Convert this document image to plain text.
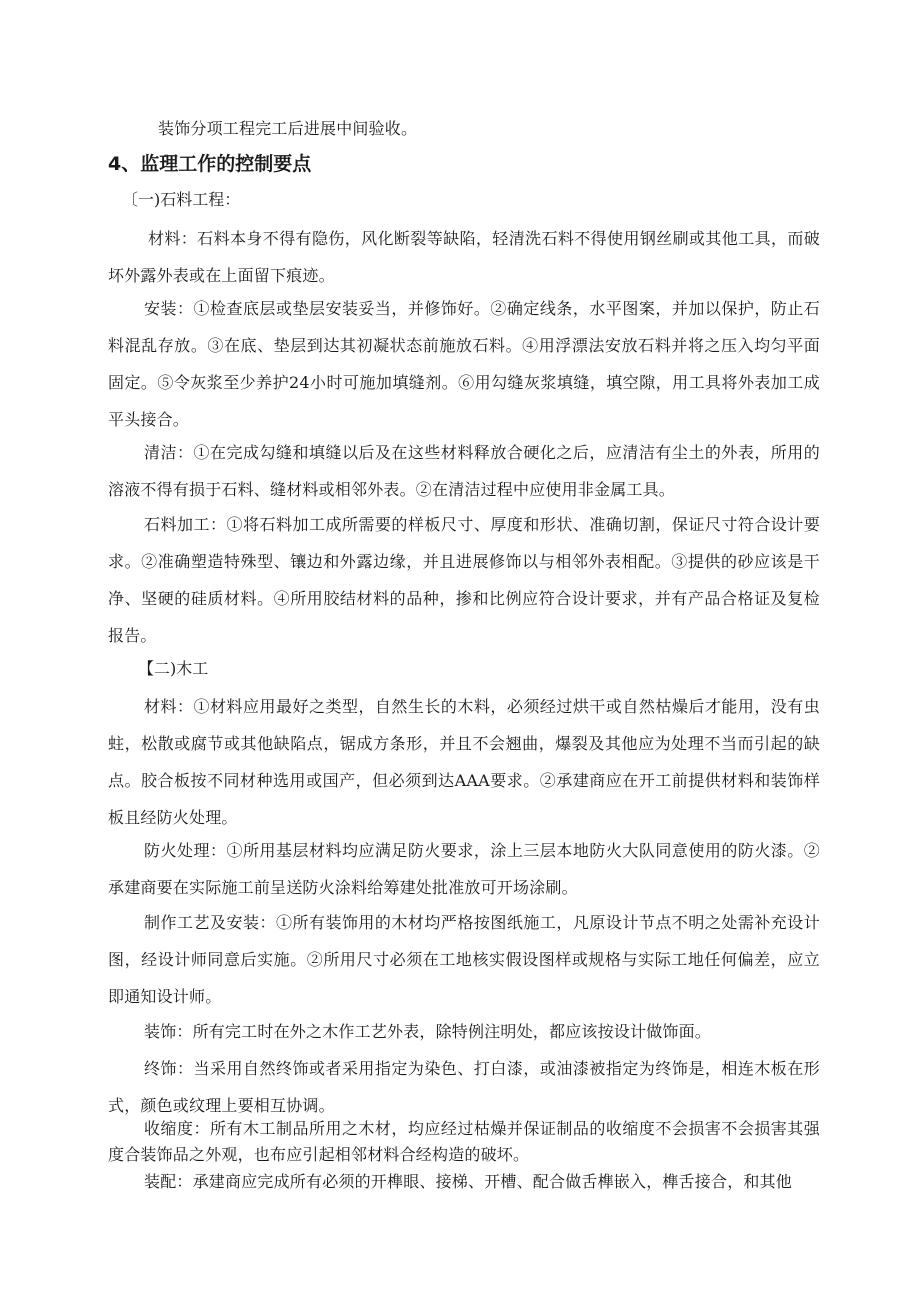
装饰分项工程完工后进展中间验收。

4、监理工作的控制要点

〔一)石料工程：

材料：石料本身不得有隐伤，风化断裂等缺陷，轻清洗石料不得使用钢丝刷或其他工具，而破坏外露外表或在上面留下痕迹。

安装：①检查底层或垫层安装妥当，并修饰好。②确定线条，水平图案，并加以保护，防止石料混乱存放。③在底、垫层到达其初凝状态前施放石料。④用浮漂法安放石料并将之压入均匀平面固定。⑤令灰浆至少养护24小时可施加填缝剂。⑥用勾缝灰浆填缝，填空隙，用工具将外表加工成平头接合。

清洁：①在完成勾缝和填缝以后及在这些材料释放合硬化之后，应清洁有尘土的外表，所用的溶液不得有损于石料、缝材料或相邻外表。②在清洁过程中应使用非金属工具。

石料加工：①将石料加工成所需要的样板尺寸、厚度和形状、准确切割，保证尺寸符合设计要求。②准确塑造特殊型、镶边和外露边缘，并且进展修饰以与相邻外表相配。③提供的砂应该是干净、坚硬的硅质材料。④所用胶结材料的品种，掺和比例应符合设计要求，并有产品合格证及复检报告。

【二)木工

材料：①材料应用最好之类型，自然生长的木料，必须经过烘干或自然枯燥后才能用，没有虫蛀，松散或腐节或其他缺陷点，锯成方条形，并且不会翘曲，爆裂及其他应为处理不当而引起的缺点。胶合板按不同材种选用或国产，但必须到达AAA要求。②承建商应在开工前提供材料和装饰样板且经防火处理。

防火处理：①所用基层材料均应满足防火要求，涂上三层本地防火大队同意使用的防火漆。②承建商要在实际施工前呈送防火涂料给筹建处批准放可开场涂刷。

制作工艺及安装：①所有装饰用的木材均严格按图纸施工，凡原设计节点不明之处需补充设计图，经设计师同意后实施。②所用尺寸必须在工地核实假设图样或规格与实际工地任何偏差，应立即通知设计师。

装饰：所有完工时在外之木作工艺外表，除特例注明处，都应该按设计做饰面。

终饰：当采用自然终饰或者采用指定为染色、打白漆，或油漆被指定为终饰是，相连木板在形式，颜色或纹理上要相互协调。

收缩度：所有木工制品所用之木材，均应经过枯燥并保证制品的收缩度不会损害不会损害其强度合装饰品之外观，也布应引起相邻材料合经构造的破坏。

装配：承建商应完成所有必须的开榫眼、接梯、开槽、配合做舌榫嵌入，榫舌接合，和其他
